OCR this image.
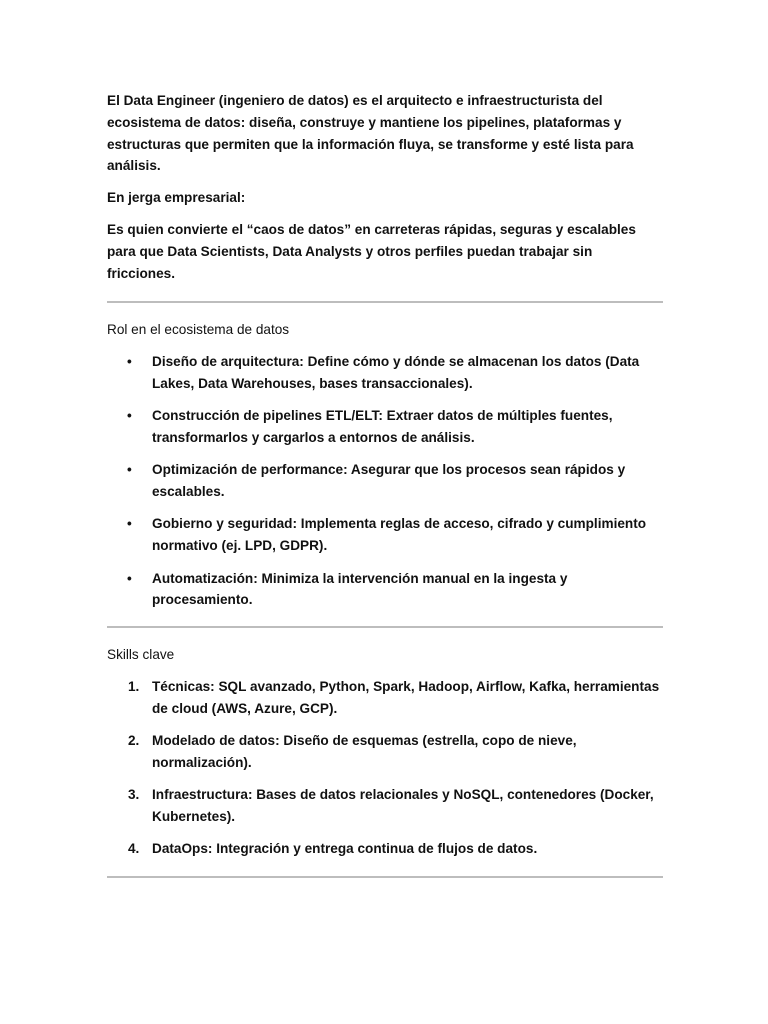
El Data Engineer (ingeniero de datos) es el arquitecto e infraestructurista del ecosistema de datos: diseña, construye y mantiene los pipelines, plataformas y estructuras que permiten que la información fluya, se transforme y esté lista para análisis.

En jerga empresarial:

Es quien convierte el “caos de datos” en carreteras rápidas, seguras y escalables para que Data Scientists, Data Analysts y otros perfiles puedan trabajar sin fricciones.

Rol en el ecosistema de datos

• Diseño de arquitectura: Define cómo y dónde se almacenan los datos (Data Lakes, Data Warehouses, bases transaccionales).
• Construcción de pipelines ETL/ELT: Extraer datos de múltiples fuentes, transformarlos y cargarlos a entornos de análisis.
• Optimización de performance: Asegurar que los procesos sean rápidos y escalables.
• Gobierno y seguridad: Implementa reglas de acceso, cifrado y cumplimiento normativo (ej. LPD, GDPR).
• Automatización: Minimiza la intervención manual en la ingesta y procesamiento.

Skills clave

1. Técnicas: SQL avanzado, Python, Spark, Hadoop, Airflow, Kafka, herramientas de cloud (AWS, Azure, GCP).
2. Modelado de datos: Diseño de esquemas (estrella, copo de nieve, normalización).
3. Infraestructura: Bases de datos relacionales y NoSQL, contenedores (Docker, Kubernetes).
4. DataOps: Integración y entrega continua de flujos de datos.
